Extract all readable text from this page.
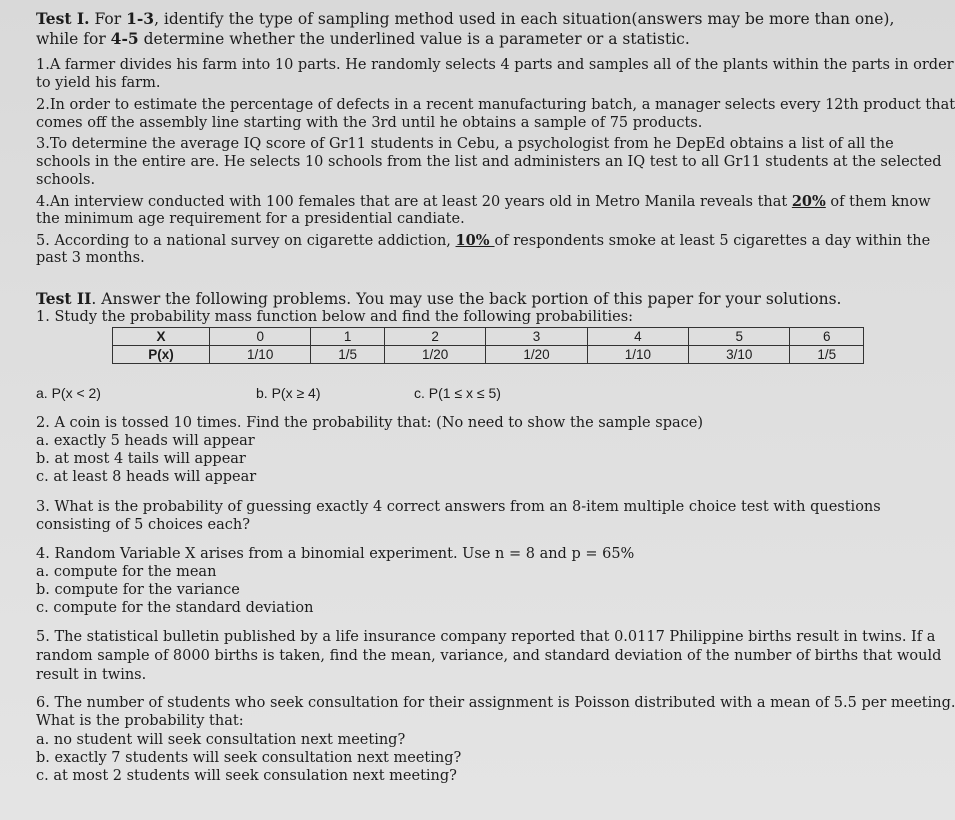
Test I. For 1-3, identify the type of sampling method used in each situation(answers may be more than one),
while for 4-5 determine whether the underlined value is a parameter or a statistic.
1.A farmer divides his farm into 10 parts. He randomly selects 4 parts and samples all of the plants within the parts in order
to yield his farm.
2.In order to estimate the percentage of defects in a recent manufacturing batch, a manager selects every 12th product that
comes off the assembly line starting with the 3rd until he obtains a sample of 75 products.
3.To determine the average IQ score of Gr11 students in Cebu, a psychologist from he DepEd obtains a list of all the
schools in the entire are. He selects 10 schools from the list and administers an IQ test to all Gr11 students at the selected
schools.
4.An interview conducted with 100 females that are at least 20 years old in Metro Manila reveals that 20% of them know
the minimum age requirement for a presidential candiate.
5. According to a national survey on cigarette addiction, 10% of respondents smoke at least 5 cigarettes a day within the
past 3 months.
Test II. Answer the following problems. You may use the back portion of this paper for your solutions.
1. Study the probability mass function below and find the following probabilities:
X	0	1	2	3	4	5	6
P(x)	1/10	1/5	1/20	1/20	1/10	3/10	1/5
a. P(x < 2)	b. P(x ≥ 4)	c. P(1 ≤ x ≤ 5)
2. A coin is tossed 10 times. Find the probability that: (No need to show the sample space)
a. exactly 5 heads will appear
b. at most 4 tails will appear
c. at least 8 heads will appear
3. What is the probability of guessing exactly 4 correct answers from an 8-item multiple choice test with questions
consisting of 5 choices each?
4. Random Variable X arises from a binomial experiment. Use n = 8 and p = 65%
a. compute for the mean
b. compute for the variance
c. compute for the standard deviation
5. The statistical bulletin published by a life insurance company reported that 0.0117 Philippine births result in twins. If a
random sample of 8000 births is taken, find the mean, variance, and standard deviation of the number of births that would
result in twins.
6. The number of students who seek consultation for their assignment is Poisson distributed with a mean of 5.5 per meeting.
What is the probability that:
a. no student will seek consultation next meeting?
b. exactly 7 students will seek consultation next meeting?
c. at most 2 students will seek consulation next meeting?
